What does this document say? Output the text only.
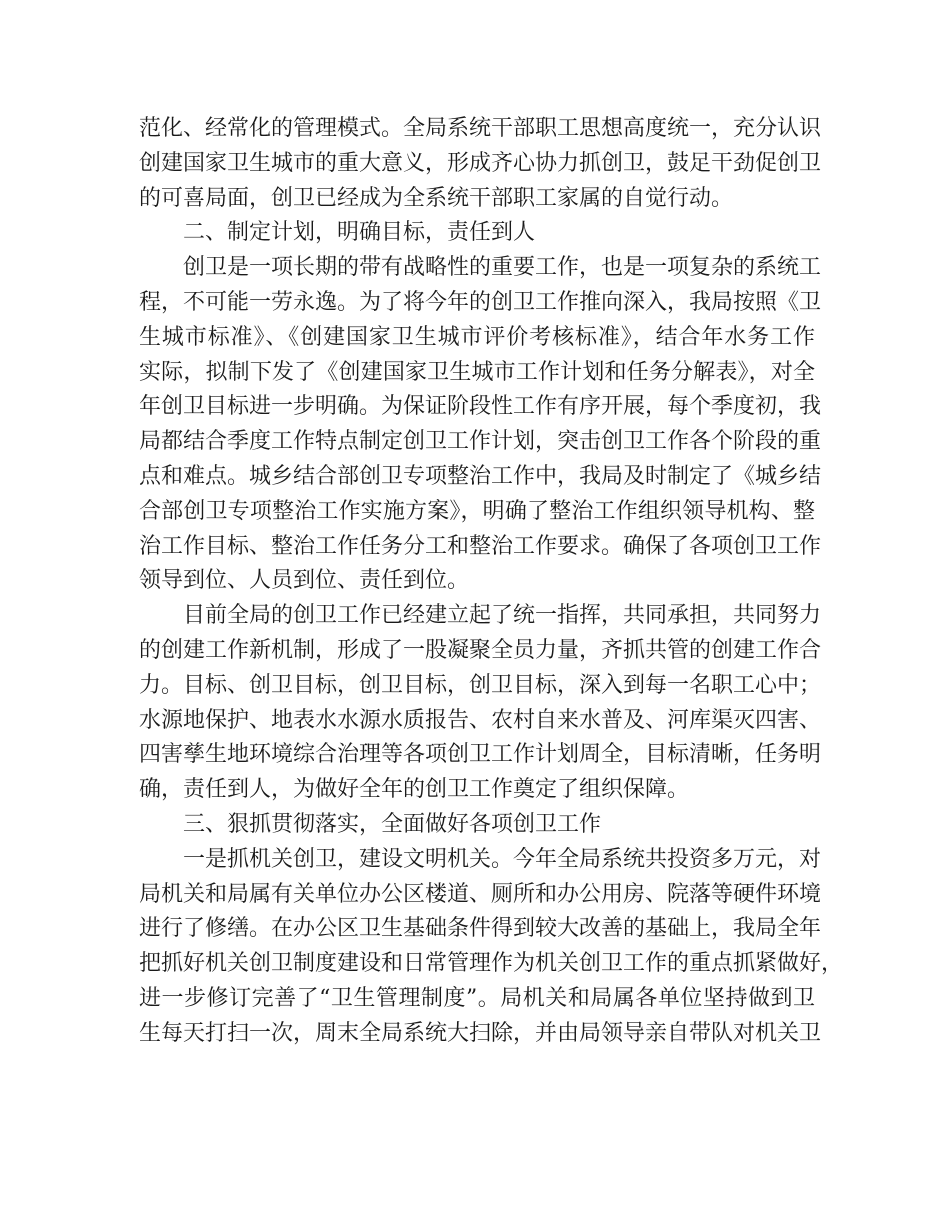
范化、经常化的管理模式。全局系统干部职工思想高度统一，充分认识
创建国家卫生城市的重大意义，形成齐心协力抓创卫，鼓足干劲促创卫
的可喜局面，创卫已经成为全系统干部职工家属的自觉行动。
二、制定计划，明确目标，责任到人
创卫是一项长期的带有战略性的重要工作，也是一项复杂的系统工
程，不可能一劳永逸。为了将今年的创卫工作推向深入，我局按照《卫
生城市标准》、《创建国家卫生城市评价考核标准》，结合年水务工作
实际，拟制下发了《创建国家卫生城市工作计划和任务分解表》，对全
年创卫目标进一步明确。为保证阶段性工作有序开展，每个季度初，我
局都结合季度工作特点制定创卫工作计划，突击创卫工作各个阶段的重
点和难点。城乡结合部创卫专项整治工作中，我局及时制定了《城乡结
合部创卫专项整治工作实施方案》，明确了整治工作组织领导机构、整
治工作目标、整治工作任务分工和整治工作要求。确保了各项创卫工作
领导到位、人员到位、责任到位。
目前全局的创卫工作已经建立起了统一指挥，共同承担，共同努力
的创建工作新机制，形成了一股凝聚全员力量，齐抓共管的创建工作合
力。目标、创卫目标，创卫目标，创卫目标，深入到每一名职工心中；
水源地保护、地表水水源水质报告、农村自来水普及、河库渠灭四害、
四害孳生地环境综合治理等各项创卫工作计划周全，目标清晰，任务明
确，责任到人，为做好全年的创卫工作奠定了组织保障。
三、狠抓贯彻落实，全面做好各项创卫工作
一是抓机关创卫，建设文明机关。今年全局系统共投资多万元，对
局机关和局属有关单位办公区楼道、厕所和办公用房、院落等硬件环境
进行了修缮。在办公区卫生基础条件得到较大改善的基础上，我局全年
把抓好机关创卫制度建设和日常管理作为机关创卫工作的重点抓紧做好，
进一步修订完善了“卫生管理制度”。局机关和局属各单位坚持做到卫
生每天打扫一次，周末全局系统大扫除，并由局领导亲自带队对机关卫
